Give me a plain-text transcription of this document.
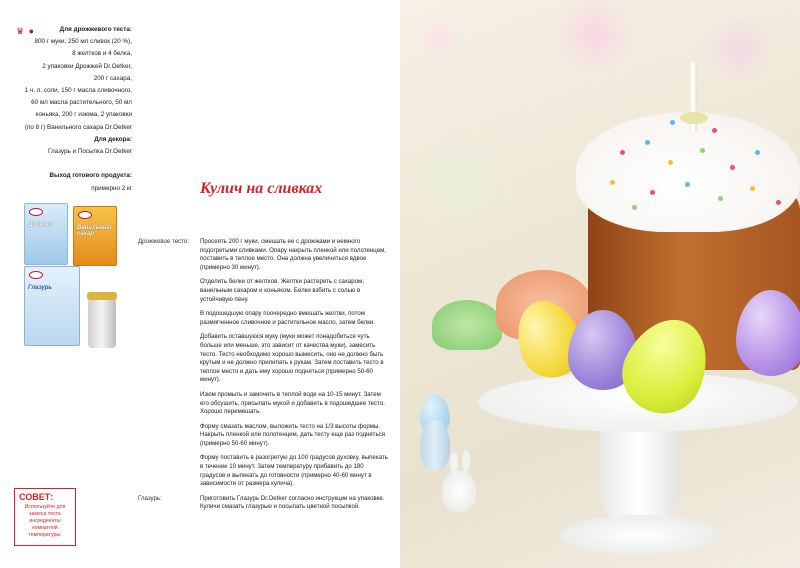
♛ ●	Для дрожжевого теста:
800 г муки, 250 мл сливок (20 %),
8 желтков и 4 белка,
2 упаковки Дрожжей Dr.Oetker,
200 г сахара,
1 ч. л. соли, 150 г масла сливочного,
60 мл масла растительного, 50 мл
коньяка, 200 г изюма, 2 упаковки
(по 8 г) Ванильного сахара Dr.Oetker
Для декора:
Глазурь и Посыпка Dr.Oetker

Выход готового продукта:
примерно 2 кг
Дрожжи	Ванильный сахар
Глазурь
Кулич на сливках
Дрожжевое тесто:	Просеять 200 г муки, смешать ее с дрожжами и немного подогретыми сливками. Опару накрыть пленкой или полотенцем, поставить в теплое место. Она должна увеличиться вдвое (примерно 30 минут).
Отделить белки от желтков. Желтки растереть с сахаром, ванильным сахаром и коньяком. Белки взбить с солью в устойчивую пену.
В подошедшую опару поочередно вмешать желтки, потом размягченное сливочное и растительное масло, затем белки.
Добавить оставшуюся муку (муки может понадобиться чуть больше или меньше, это зависит от качества муки), замесить тесто. Тесто необходимо хорошо вымесить, оно не должно быть крутым и не должно прилипать к рукам. Затем поставить тесто в теплое место и дать ему хорошо подняться (примерно 50-60 минут).
Изюм промыть и замочить в теплой воде на 10-15 минут. Затем его обсушить, присыпать мукой и добавить в подошедшее тесто. Хорошо перемешать.
Форму смазать маслом, выложить тесто на 1/3 высоты формы. Накрыть пленкой или полотенцем, дать тесту еще раз подняться (примерно 50-60 минут).
Форму поставить в разогретую до 100 градусов духовку, выпекать в течение 10 минут. Затем температуру прибавить до 180 градусов и выпекать до готовности (примерно 40-60 минут в зависимости от размера кулича).
Глазурь:	Приготовить Глазурь Dr.Oetker согласно инструкции на упаковке. Куличи смазать глазурью и посыпать цветной посыпкой.
СОВЕТ:
Используйте для замеса теста ингредиенты комнатной температуры.
